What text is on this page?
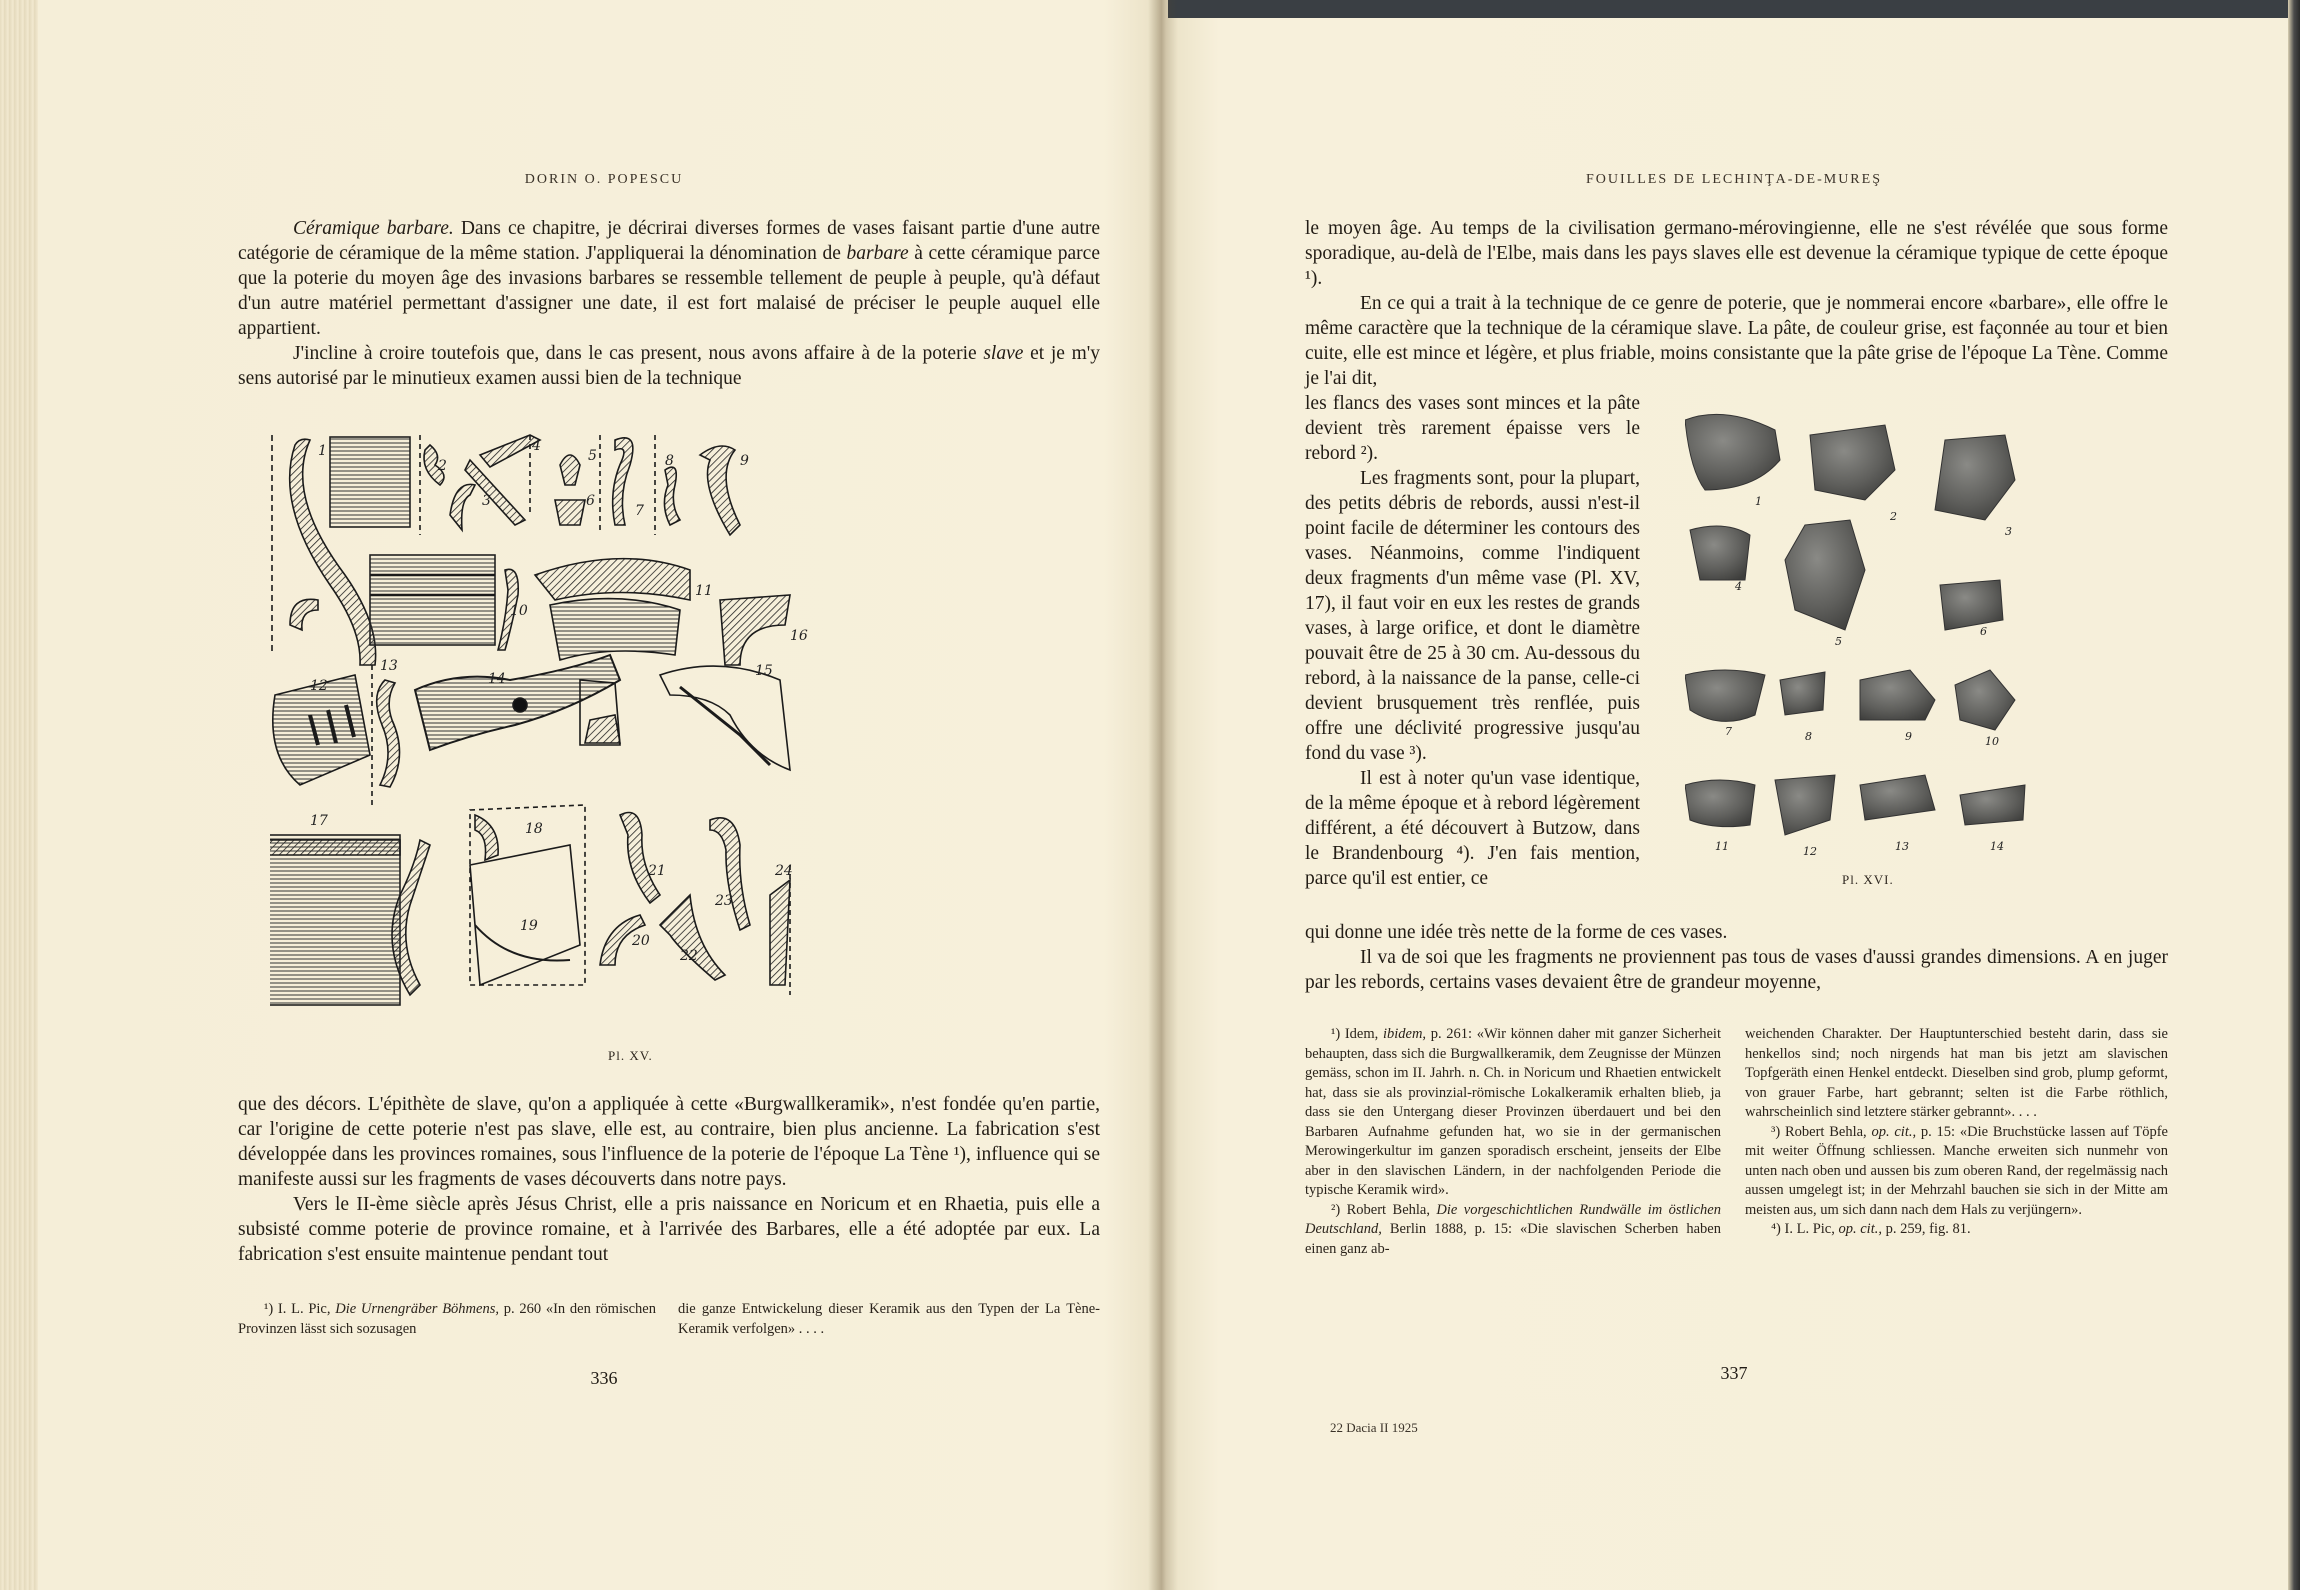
DORIN O. POPESCU

Céramique barbare. Dans ce chapitre, je décrirai diverses formes de vases faisant partie d'une autre catégorie de céramique de la même station. J'appliquerai la dénomination de barbare à cette céramique parce que la poterie du moyen âge des invasions barbares se ressemble tellement de peuple à peuple, qu'à défaut d'un autre matériel permettant d'assigner une date, il est fort malaisé de préciser le peuple auquel elle appartient.

J'incline à croire toutefois que, dans le cas present, nous avons affaire à de la poterie slave et je m'y sens autorisé par le minutieux examen aussi bien de la technique

1
2
3
4
5
6
7
8	9
10
11
12
13
14	15
16
17	18
19
20
21
22
23
24
Pl. XV.

que des décors. L'épithète de slave, qu'on a appliquée à cette «Burgwallkeramik», n'est fondée qu'en partie, car l'origine de cette poterie n'est pas slave, elle est, au contraire, bien plus ancienne. La fabrication s'est développée dans les provinces romaines, sous l'influence de la poterie de l'époque La Tène ¹), influence qui se manifeste aussi sur les fragments de vases découverts dans notre pays.

Vers le II-ème siècle après Jésus Christ, elle a pris naissance en Noricum et en Rhaetia, puis elle a subsisté comme poterie de province romaine, et à l'arrivée des Barbares, elle a été adoptée par eux. La fabrication s'est ensuite maintenue pendant tout

¹) I. L. Pic, Die Urnengräber Böhmens, p. 260 «In den römischen Provinzen lässt sich sozusagen

die ganze Entwickelung dieser Keramik aus den Typen der La Tène-Keramik verfolgen» . . . .

336
FOUILLES DE LECHINŢA-DE-MUREŞ

le moyen âge. Au temps de la civilisation germano-mérovingienne, elle ne s'est révélée que sous forme sporadique, au-delà de l'Elbe, mais dans les pays slaves elle est devenue la céramique typique de cette époque ¹).

En ce qui a trait à la technique de ce genre de poterie, que je nommerai encore «barbare», elle offre le même caractère que la technique de la céramique slave. La pâte, de couleur grise, est façonnée au tour et bien cuite, elle est mince et légère, et plus friable, moins consistante que la pâte grise de l'époque La Tène. Comme je l'ai dit,

les flancs des vases sont minces et la pâte devient très rarement épaisse vers le rebord ²).

Les fragments sont, pour la plupart, des petits débris de rebords, aussi n'est-il point facile de déterminer les contours des vases. Néanmoins, comme l'indiquent deux fragments d'un même vase (Pl. XV, 17), il faut voir en eux les restes de grands vases, à large orifice, et dont le diamètre pouvait être de 25 à 30 cm. Au-dessous du rebord, à la naissance de la panse, celle-ci devient brusquement très renflée, puis offre une déclivité progressive jusqu'au fond du vase ³).

Il est à noter qu'un vase identique, de la même époque et à rebord légèrement différent, a été découvert à Butzow, dans le Brandenbourg ⁴). J'en fais mention, parce qu'il est entier, ce

1
2
3
4
5
6
7	8	9	10
11	12	13	14
Pl. XVI.

qui donne une idée très nette de la forme de ces vases.

Il va de soi que les fragments ne proviennent pas tous de vases d'aussi grandes dimensions. A en juger par les rebords, certains vases devaient être de grandeur moyenne,

¹) Idem, ibidem, p. 261: «Wir können daher mit ganzer Sicherheit behaupten, dass sich die Burgwallkeramik, dem Zeugnisse der Münzen gemäss, schon im II. Jahrh. n. Ch. in Noricum und Rhaetien entwickelt hat, dass sie als provinzial-römische Lokalkeramik erhalten blieb, ja dass sie den Untergang dieser Provinzen überdauert und bei den Barbaren Aufnahme gefunden hat, wo sie in der germanischen Merowingerkultur im ganzen sporadisch erscheint, jenseits der Elbe aber in den slavischen Ländern, in der nachfolgenden Periode die typische Keramik wird».

²) Robert Behla, Die vorgeschichtlichen Rundwälle im östlichen Deutschland, Berlin 1888, p. 15: «Die slavischen Scherben haben einen ganz ab-

weichenden Charakter. Der Hauptunterschied besteht darin, dass sie henkellos sind; noch nirgends hat man bis jetzt am slavischen Topfgeräth einen Henkel entdeckt. Dieselben sind grob, plump geformt, von grauer Farbe, hart gebrannt; selten ist die Farbe röthlich, wahrscheinlich sind letztere stärker gebrannt». . . .

³) Robert Behla, op. cit., p. 15: «Die Bruchstücke lassen auf Töpfe mit weiter Öffnung schliessen. Manche erweiten sich nunmehr von unten nach oben und aussen bis zum oberen Rand, der regelmässig nach aussen umgelegt ist; in der Mehrzahl bauchen sie sich in der Mitte am meisten aus, um sich dann nach dem Hals zu verjüngern».

⁴) I. L. Pic, op. cit., p. 259, fig. 81.

337
22 Dacia II 1925
